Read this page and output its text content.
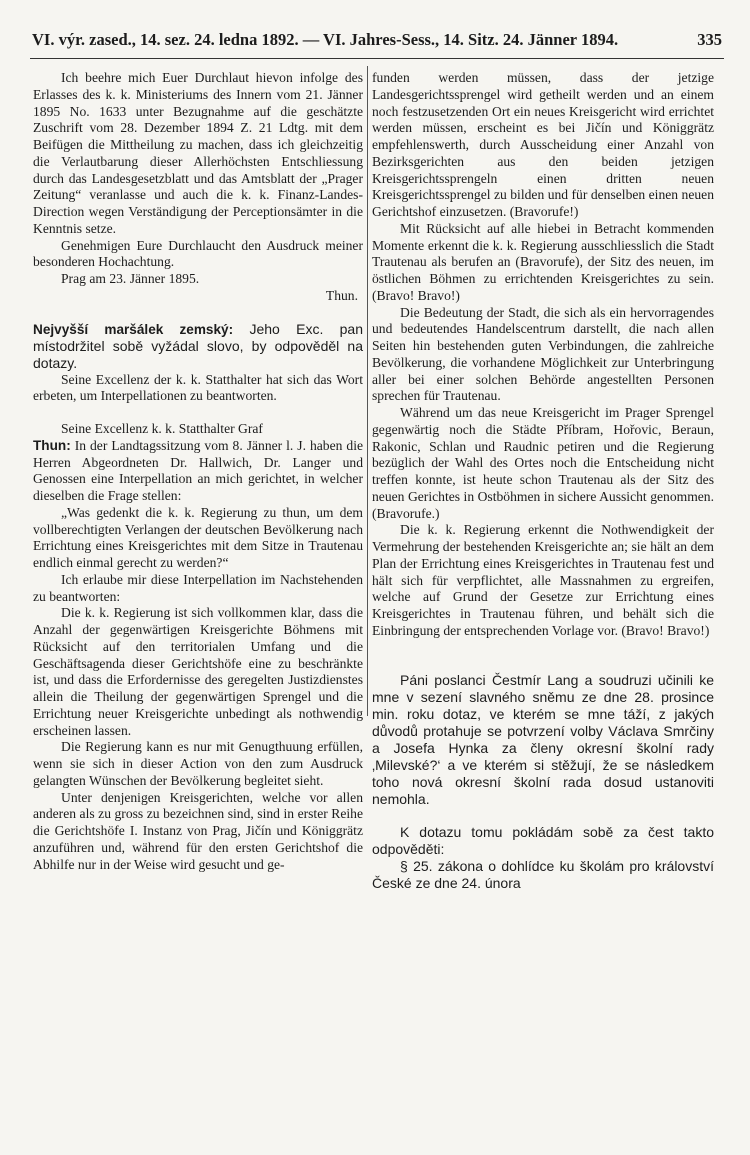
VI. výr. zased., 14. sez. 24. ledna 1892. — VI. Jahres-Sess., 14. Sitz. 24. Jänner 1894.	335

Ich beehre mich Euer Durchlaut hievon infolge des Erlasses des k. k. Ministeriums des Innern vom 21. Jänner 1895 No. 1633 unter Bezugnahme auf die geschätzte Zuschrift vom 28. Dezember 1894 Z. 21 Ldtg. mit dem Beifügen die Mittheilung zu machen, dass ich gleichzeitig die Verlautbarung dieser Allerhöchsten Entschliessung durch das Landesgesetzblatt und das Amtsblatt der „Prager Zeitung“ veranlasse und auch die k. k. Finanz-Landes-Direction wegen Verständigung der Perceptionsämter in die Kenntnis setze.

Genehmigen Eure Durchlaucht den Ausdruck meiner besonderen Hochachtung.

Prag am 23. Jänner 1895.

Thun.

Nejvyšší maršálek zemský: Jeho Exc. pan místodržitel sobě vyžádal slovo, by odpověděl na dotazy.

Seine Excellenz der k. k. Statthalter hat sich das Wort erbeten, um Interpellationen zu beantworten.

Seine Excellenz k. k. Statthalter Graf

Thun: In der Landtagssitzung vom 8. Jänner l. J. haben die Herren Abgeordneten Dr. Hallwich, Dr. Langer und Genossen eine Interpellation an mich gerichtet, in welcher dieselben die Frage stellen:

„Was gedenkt die k. k. Regierung zu thun, um dem vollberechtigten Verlangen der deutschen Bevölkerung nach Errichtung eines Kreisgerichtes mit dem Sitze in Trautenau endlich einmal gerecht zu werden?“

Ich erlaube mir diese Interpellation im Nachstehenden zu beantworten:

Die k. k. Regierung ist sich vollkommen klar, dass die Anzahl der gegenwärtigen Kreisgerichte Böhmens mit Rücksicht auf den territorialen Umfang und die Geschäftsagenda dieser Gerichtshöfe eine zu beschränkte ist, und dass die Erfordernisse des geregelten Justizdienstes allein die Theilung der gegenwärtigen Sprengel und die Errichtung neuer Kreisgerichte unbedingt als nothwendig erscheinen lassen.

Die Regierung kann es nur mit Genugthuung erfüllen, wenn sie sich in dieser Action von den zum Ausdruck gelangten Wünschen der Bevölkerung begleitet sieht.

Unter denjenigen Kreisgerichten, welche vor allen anderen als zu gross zu bezeichnen sind, sind in erster Reihe die Gerichtshöfe I. Instanz von Prag, Jičín und Königgrätz anzuführen und, während für den ersten Gerichtshof die Abhilfe nur in der Weise wird gesucht und ge-

funden werden müssen, dass der jetzige Landesgerichtssprengel wird getheilt werden und an einem noch festzusetzenden Ort ein neues Kreisgericht wird errichtet werden müssen, erscheint es bei Jičín und Königgrätz empfehlenswerth, durch Ausscheidung einer Anzahl von Bezirksgerichten aus den beiden jetzigen Kreisgerichtssprengeln einen dritten neuen Kreisgerichtssprengel zu bilden und für denselben einen neuen Gerichtshof einzusetzen. (Bravorufe!)

Mit Rücksicht auf alle hiebei in Betracht kommenden Momente erkennt die k. k. Regierung ausschliesslich die Stadt Trautenau als berufen an (Bravorufe), der Sitz des neuen, im östlichen Böhmen zu errichtenden Kreisgerichtes zu sein. (Bravo! Bravo!)

Die Bedeutung der Stadt, die sich als ein hervorragendes und bedeutendes Handelscentrum darstellt, die nach allen Seiten hin bestehenden guten Verbindungen, die zahlreiche Bevölkerung, die vorhandene Möglichkeit zur Unterbringung aller bei einer solchen Behörde angestellten Personen sprechen für Trautenau.

Während um das neue Kreisgericht im Prager Sprengel gegenwärtig noch die Städte Příbram, Hořovic, Beraun, Rakonic, Schlan und Raudnic petiren und die Regierung bezüglich der Wahl des Ortes noch die Entscheidung nicht treffen konnte, ist heute schon Trautenau als der Sitz des neuen Gerichtes in Ostböhmen in sichere Aussicht genommen. (Bravorufe.)

Die k. k. Regierung erkennt die Nothwendigkeit der Vermehrung der bestehenden Kreisgerichte an; sie hält an dem Plan der Errichtung eines Kreisgerichtes in Trautenau fest und hält sich für verpflichtet, alle Massnahmen zu ergreifen, welche auf Grund der Gesetze zur Errichtung eines Kreisgerichtes in Trautenau führen, und behält sich die Einbringung der entsprechenden Vorlage vor. (Bravo! Bravo!)

Páni poslanci Čestmír Lang a soudruzi učinili ke mne v sezení slavného sněmu ze dne 28. prosince min. roku dotaz, ve kterém se mne táží, z jakých důvodů protahuje se potvrzení volby Václava Smrčiny a Josefa Hynka za členy okresní školní rady ‚Milevské?‘ a ve kterém si stěžují, že se následkem toho nová okresní školní rada dosud ustanoviti nemohla.

K dotazu tomu pokládám sobě za čest takto odpověděti:

§ 25. zákona o dohlídce ku školám pro království České ze dne 24. února
